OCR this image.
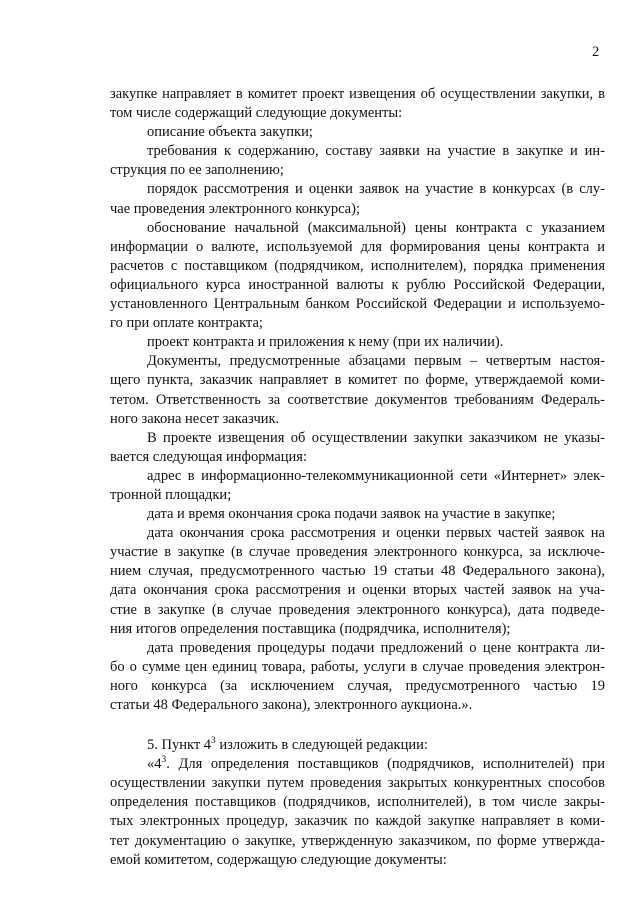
2

закупке направляет в комитет проект извещения об осуществлении закупки, в

том числе содержащий следующие документы:

описание объекта закупки;

требования к содержанию, составу заявки на участие в закупке и ин-

струкция по ее заполнению;

порядок рассмотрения и оценки заявок на участие в конкурсах (в слу-

чае проведения электронного конкурса);

обоснование начальной (максимальной) цены контракта с указанием

информации о валюте, используемой для формирования цены контракта и

расчетов с поставщиком (подрядчиком, исполнителем), порядка применения

официального курса иностранной валюты к рублю Российской Федерации,

установленного Центральным банком Российской Федерации и используемо-

го при оплате контракта;

проект контракта и приложения к нему (при их наличии).

Документы, предусмотренные абзацами первым – четвертым настоя-

щего пункта, заказчик направляет в комитет по форме, утверждаемой коми-

тетом. Ответственность за соответствие документов требованиям Федераль-

ного закона несет заказчик.

В проекте извещения об осуществлении закупки заказчиком не указы-

вается следующая информация:

адрес в информационно-телекоммуникационной сети «Интернет» элек-

тронной площадки;

дата и время окончания срока подачи заявок на участие в закупке;

дата окончания срока рассмотрения и оценки первых частей заявок на

участие в закупке (в случае проведения электронного конкурса, за исключе-

нием случая, предусмотренного частью 19 статьи 48 Федерального закона),

дата окончания срока рассмотрения и оценки вторых частей заявок на уча-

стие в закупке (в случае проведения электронного конкурса), дата подведе-

ния итогов определения поставщика (подрядчика, исполнителя);

дата проведения процедуры подачи предложений о цене контракта ли-

бо о сумме цен единиц товара, работы, услуги в случае проведения электрон-

ного конкурса (за исключением случая, предусмотренного частью 19

статьи 48 Федерального закона), электронного аукциона.».

5. Пункт $4^3$ изложить в следующей редакции:

«$4^3$. Для определения поставщиков (подрядчиков, исполнителей) при

осуществлении закупки путем проведения закрытых конкурентных способов

определения поставщиков (подрядчиков, исполнителей), в том числе закры-

тых электронных процедур, заказчик по каждой закупке направляет в коми-

тет документацию о закупке, утвержденную заказчиком, по форме утвержда-

емой комитетом, содержащую следующие документы:
